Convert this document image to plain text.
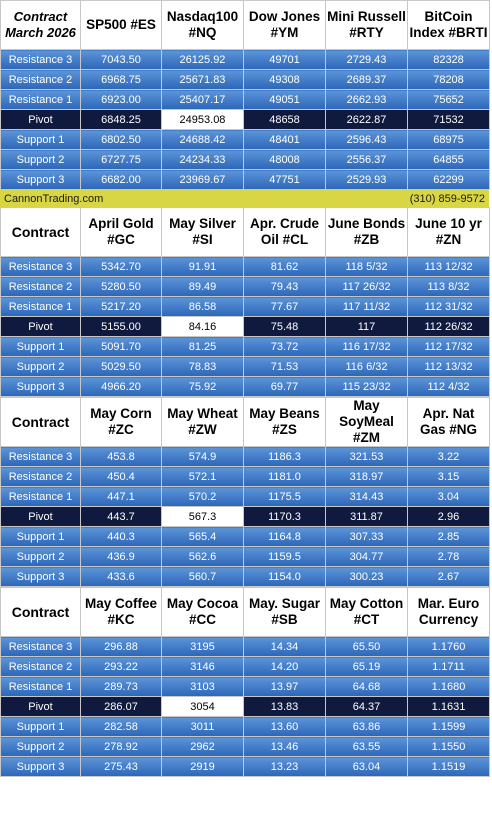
Contract March 2026	SP500 #ES	Nasdaq100 #NQ	Dow Jones #YM	Mini Russell #RTY	BitCoin Index #BRTI
Resistance 3	7043.50	26125.92	49701	2729.43	82328
Resistance 2	6968.75	25671.83	49308	2689.37	78208
Resistance 1	6923.00	25407.17	49051	2662.93	75652
Pivot	6848.25	24953.08	48658	2622.87	71532
Support 1	6802.50	24688.42	48401	2596.43	68975
Support 2	6727.75	24234.33	48008	2556.37	64855
Support 3	6682.00	23969.67	47751	2529.93	62299
CannonTrading.com	(310) 859-9572
Contract	April Gold #GC	May Silver #SI	Apr. Crude Oil #CL	June Bonds #ZB	June 10 yr #ZN
Resistance 3	5342.70	91.91	81.62	118 5/32	113 12/32
Resistance 2	5280.50	89.49	79.43	117 26/32	113 8/32
Resistance 1	5217.20	86.58	77.67	117 11/32	112 31/32
Pivot	5155.00	84.16	75.48	117	112 26/32
Support 1	5091.70	81.25	73.72	116 17/32	112 17/32
Support 2	5029.50	78.83	71.53	116 6/32	112 13/32
Support 3	4966.20	75.92	69.77	115 23/32	112 4/32
Contract	May Corn #ZC	May Wheat #ZW	May Beans #ZS	May SoyMeal #ZM	Apr. Nat Gas #NG
Resistance 3	453.8	574.9	1186.3	321.53	3.22
Resistance 2	450.4	572.1	1181.0	318.97	3.15
Resistance 1	447.1	570.2	1175.5	314.43	3.04
Pivot	443.7	567.3	1170.3	311.87	2.96
Support 1	440.3	565.4	1164.8	307.33	2.85
Support 2	436.9	562.6	1159.5	304.77	2.78
Support 3	433.6	560.7	1154.0	300.23	2.67
Contract	May Coffee #KC	May Cocoa #CC	May. Sugar #SB	May Cotton #CT	Mar. Euro Currency
Resistance 3	296.88	3195	14.34	65.50	1.1760
Resistance 2	293.22	3146	14.20	65.19	1.1711
Resistance 1	289.73	3103	13.97	64.68	1.1680
Pivot	286.07	3054	13.83	64.37	1.1631
Support 1	282.58	3011	13.60	63.86	1.1599
Support 2	278.92	2962	13.46	63.55	1.1550
Support 3	275.43	2919	13.23	63.04	1.1519
